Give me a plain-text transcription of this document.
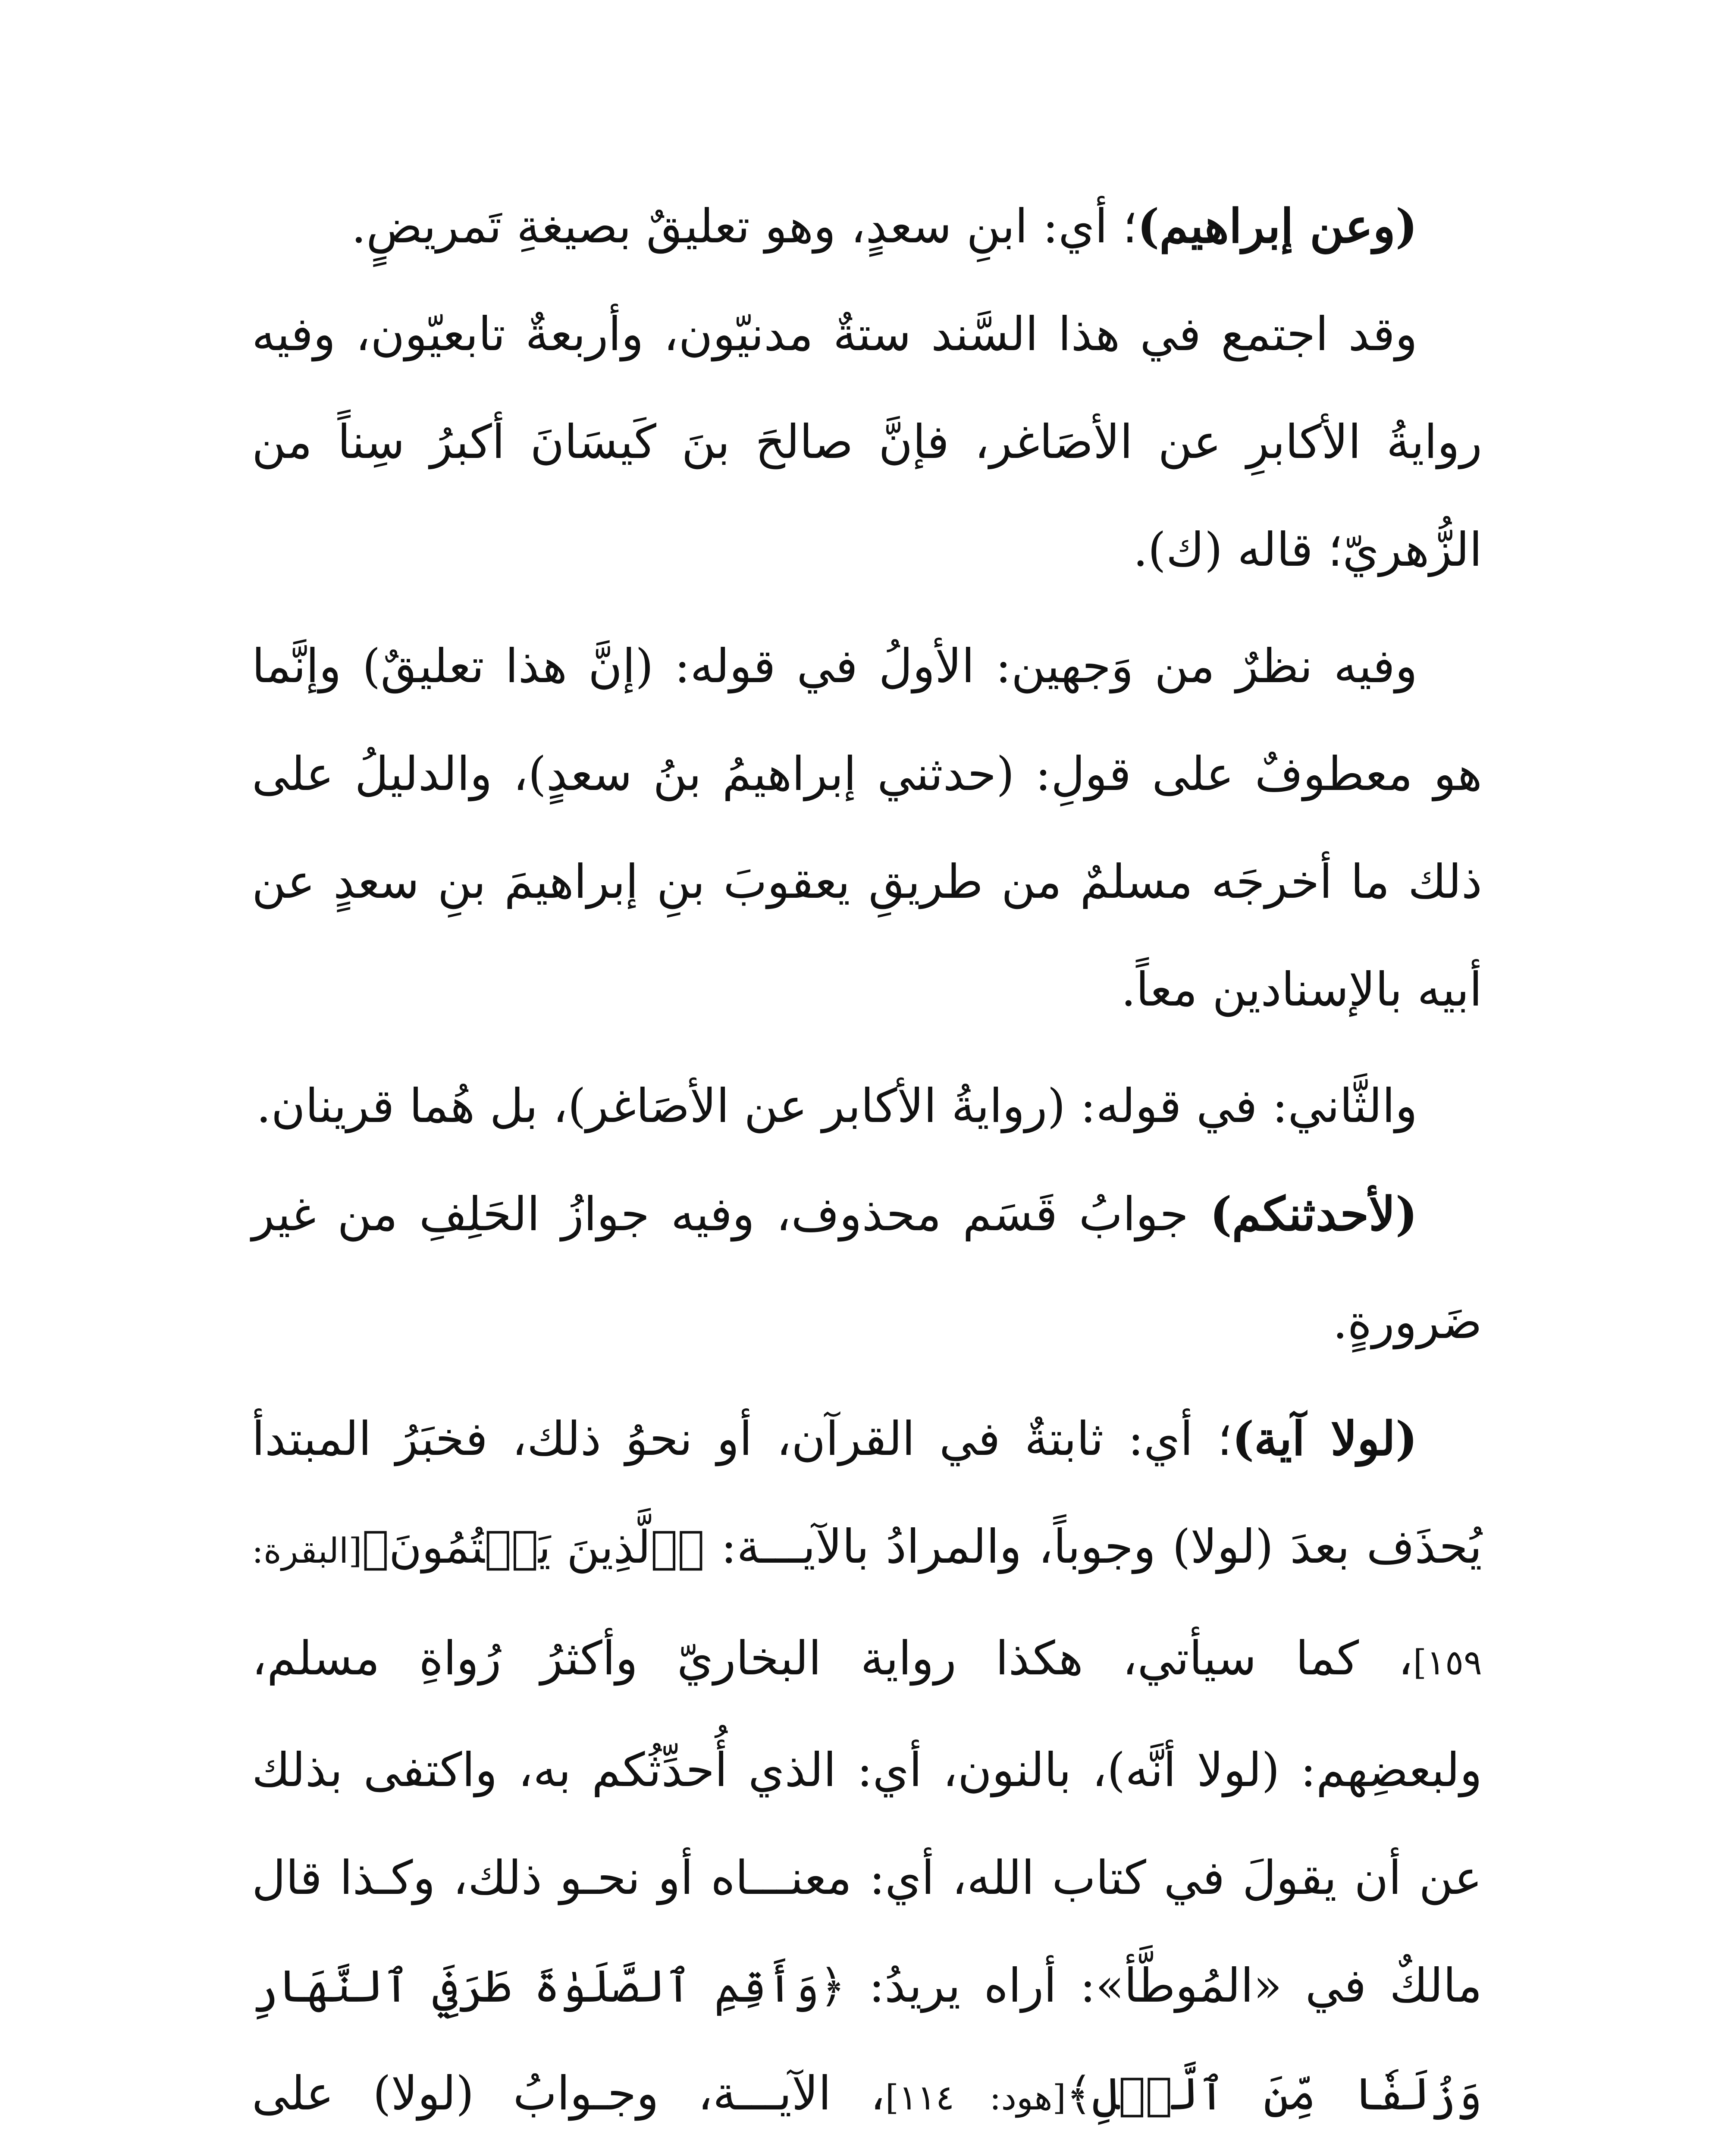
(وعن إبراهيم)؛ أي: ابنِ سعدٍ، وهو تعليقٌ بصيغةِ تَمريضٍ.

وقد اجتمع في هذا السَّند ستةٌ مدنيّون، وأربعةٌ تابعيّون، وفيه روايةُ الأكابرِ عن الأصَاغر، فإنَّ صالحَ بنَ كَيسَانَ أكبرُ سِناً من الزُّهريّ؛ قاله (ك).

وفيه نظرٌ من وَجهين: الأولُ في قوله: (إنَّ هذا تعليقٌ) وإنَّما هو معطوفٌ على قولِ: (حدثني إبراهيمُ بنُ سعدٍ)، والدليلُ على ذلك ما أخرجَه مسلمٌ من طريقِ يعقوبَ بنِ إبراهيمَ بنِ سعدٍ عن أبيه بالإسنادين معاً.

والثَّاني: في قوله: (روايةُ الأكابر عن الأصَاغر)، بل هُما قرينان.

(لأحدثنكم) جوابُ قَسَم محذوف، وفيه جوازُ الحَلِفِ من غير ضَرورةٍ.

(لولا آية)؛ أي: ثابتةٌ في القرآن، أو نحوُ ذلك، فخبَرُ المبتدأ يُحذَف بعدَ (لولا) وجوباً، والمرادُ بالآيـــة: ﴿ٱلَّذِينَ يَكۡتُمُونَ﴾[البقرة: ١٥٩]، كما سيأتي، هكذا رواية البخاريّ وأكثرُ رُواةِ مسلم، ولبعضِهم: (لولا أنَّه)، بالنون، أي: الذي أُحدِّثُكم به، واكتفى بذلك عن أن يقولَ في كتاب الله، أي: معنـــاه أو نحـو ذلك، وكـذا قال مالكٌ في «المُوطَّأ»: أراه يريدُ: ﴿وَأَقِمِ ٱلصَّلَوٰةَ طَرَفَيِ ٱلنَّهَارِ وَزُلَفٗا مِّنَ ٱلَّيۡلِ﴾[هود: ١١٤]، الآيـــة، وجـوابُ (لولا) على
